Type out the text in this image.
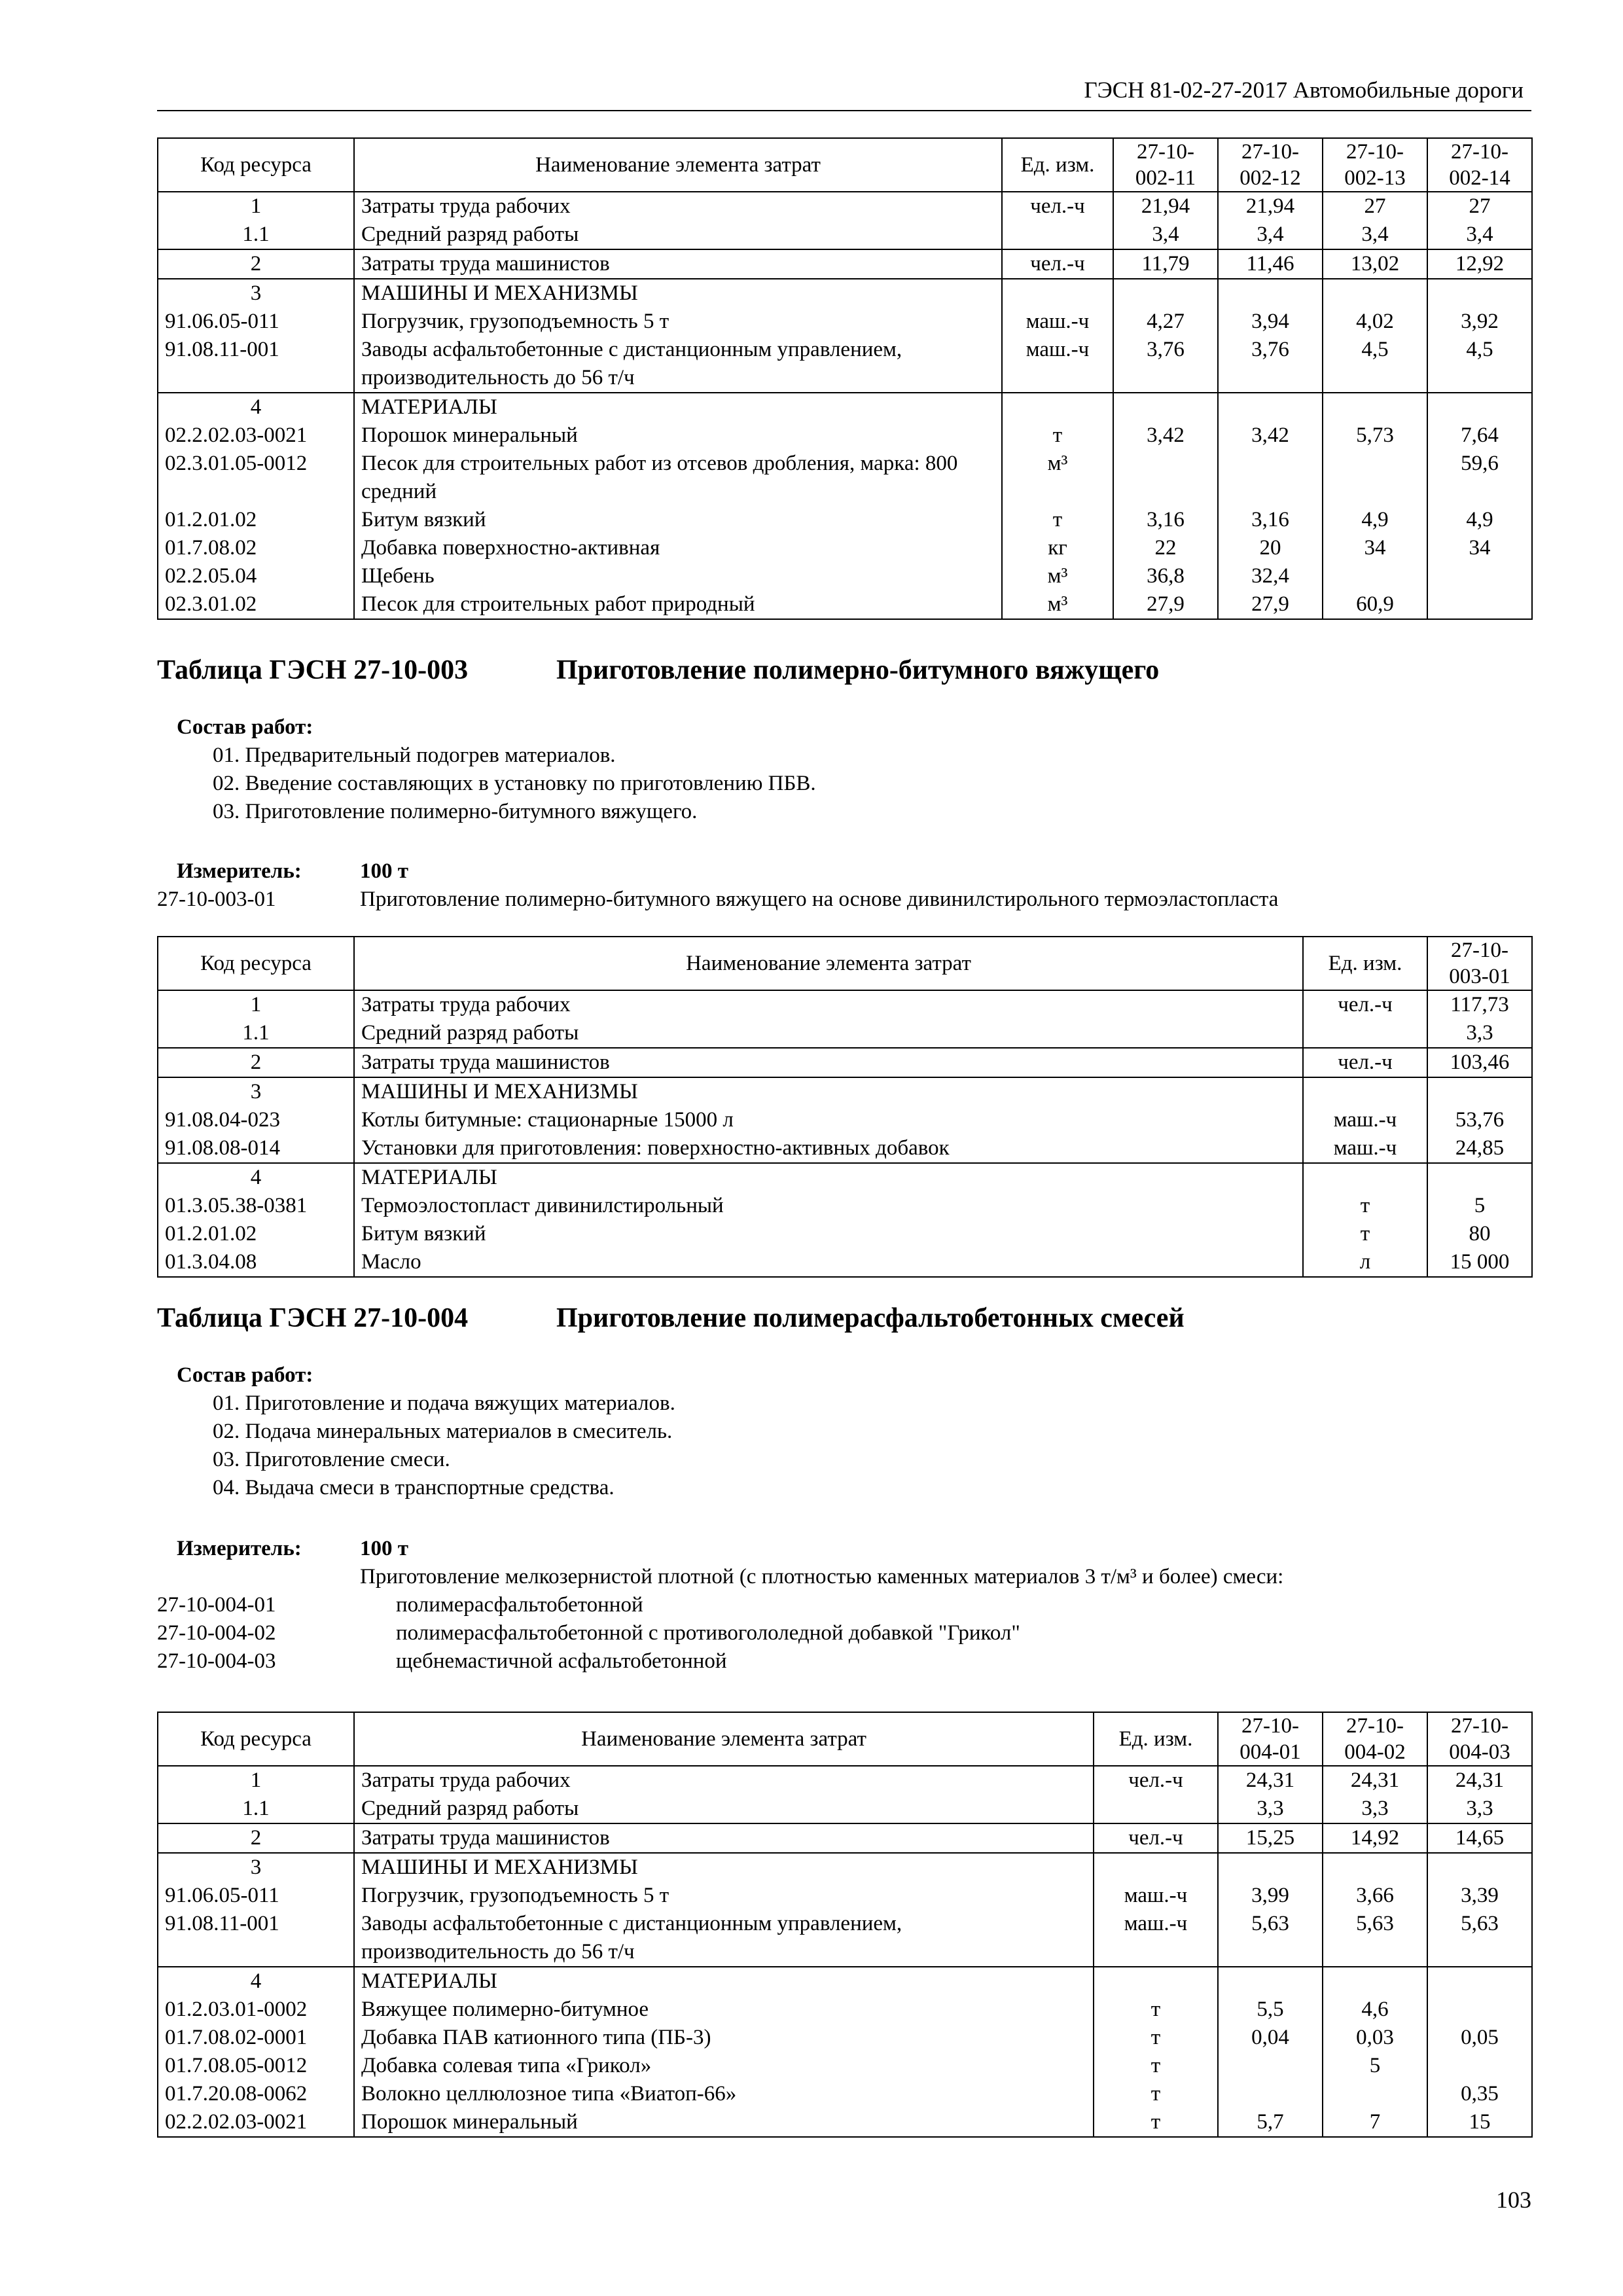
ГЭСН 81-02-27-2017 Автомобильные дороги
Код ресурса	Наименование элемента затрат	Ед. изм.	27-10-002-11	27-10-002-12	27-10-002-13	27-10-002-14
1	Затраты труда рабочих	чел.-ч	21,94	21,94	27	27
1.1	Средний разряд работы		3,4	3,4	3,4	3,4
2	Затраты труда машинистов	чел.-ч	11,79	11,46	13,02	12,92
3	МАШИНЫ И МЕХАНИЗМЫ					
91.06.05-011	Погрузчик, грузоподъемность 5 т	маш.-ч	4,27	3,94	4,02	3,92
91.08.11-001	Заводы асфальтобетонные с дистанционным управлением, производительность до 56 т/ч	маш.-ч	3,76	3,76	4,5	4,5
4	МАТЕРИАЛЫ					
02.2.02.03-0021	Порошок минеральный	т	3,42	3,42	5,73	7,64
02.3.01.05-0012	Песок для строительных работ из отсевов дробления, марка: 800 средний	м³				59,6
01.2.01.02	Битум вязкий	т	3,16	3,16	4,9	4,9
01.7.08.02	Добавка поверхностно-активная	кг	22	20	34	34
02.2.05.04	Щебень	м³	36,8	32,4		
02.3.01.02	Песок для строительных работ природный	м³	27,9	27,9	60,9	
Таблица ГЭСН 27-10-003	Приготовление полимерно-битумного вяжущего
Состав работ:
01. Предварительный подогрев материалов.
02. Введение составляющих в установку по приготовлению ПБВ.
03. Приготовление полимерно-битумного вяжущего.
Измеритель:	100 т
27-10-003-01	Приготовление полимерно-битумного вяжущего на основе дивинилстирольного термоэластопласта
Код ресурса	Наименование элемента затрат	Ед. изм.	27-10-003-01
1	Затраты труда рабочих	чел.-ч	117,73
1.1	Средний разряд работы		3,3
2	Затраты труда машинистов	чел.-ч	103,46
3	МАШИНЫ И МЕХАНИЗМЫ		
91.08.04-023	Котлы битумные: стационарные 15000 л	маш.-ч	53,76
91.08.08-014	Установки для приготовления: поверхностно-активных добавок	маш.-ч	24,85
4	МАТЕРИАЛЫ		
01.3.05.38-0381	Термоэлостопласт дивинилстирольный	т	5
01.2.01.02	Битум вязкий	т	80
01.3.04.08	Масло	л	15 000
Таблица ГЭСН 27-10-004	Приготовление полимерасфальтобетонных смесей
Состав работ:
01. Приготовление и подача вяжущих материалов.
02. Подача минеральных материалов в смеситель.
03. Приготовление смеси.
04. Выдача смеси в транспортные средства.
Измеритель:	100 т
Приготовление мелкозернистой плотной (с плотностью каменных материалов 3 т/м³ и более) смеси:
27-10-004-01	полимерасфальтобетонной
27-10-004-02	полимерасфальтобетонной с противогололедной добавкой "Грикол"
27-10-004-03	щебнемастичной асфальтобетонной
Код ресурса	Наименование элемента затрат	Ед. изм.	27-10-004-01	27-10-004-02	27-10-004-03
1	Затраты труда рабочих	чел.-ч	24,31	24,31	24,31
1.1	Средний разряд работы		3,3	3,3	3,3
2	Затраты труда машинистов	чел.-ч	15,25	14,92	14,65
3	МАШИНЫ И МЕХАНИЗМЫ				
91.06.05-011	Погрузчик, грузоподъемность 5 т	маш.-ч	3,99	3,66	3,39
91.08.11-001	Заводы асфальтобетонные с дистанционным управлением, производительность до 56 т/ч	маш.-ч	5,63	5,63	5,63
4	МАТЕРИАЛЫ				
01.2.03.01-0002	Вяжущее полимерно-битумное	т	5,5	4,6	
01.7.08.02-0001	Добавка ПАВ катионного типа (ПБ-3)	т	0,04	0,03	0,05
01.7.08.05-0012	Добавка солевая типа «Грикол»	т		5	
01.7.20.08-0062	Волокно целлюлозное типа «Виатоп-66»	т			0,35
02.2.02.03-0021	Порошок минеральный	т	5,7	7	15
103
